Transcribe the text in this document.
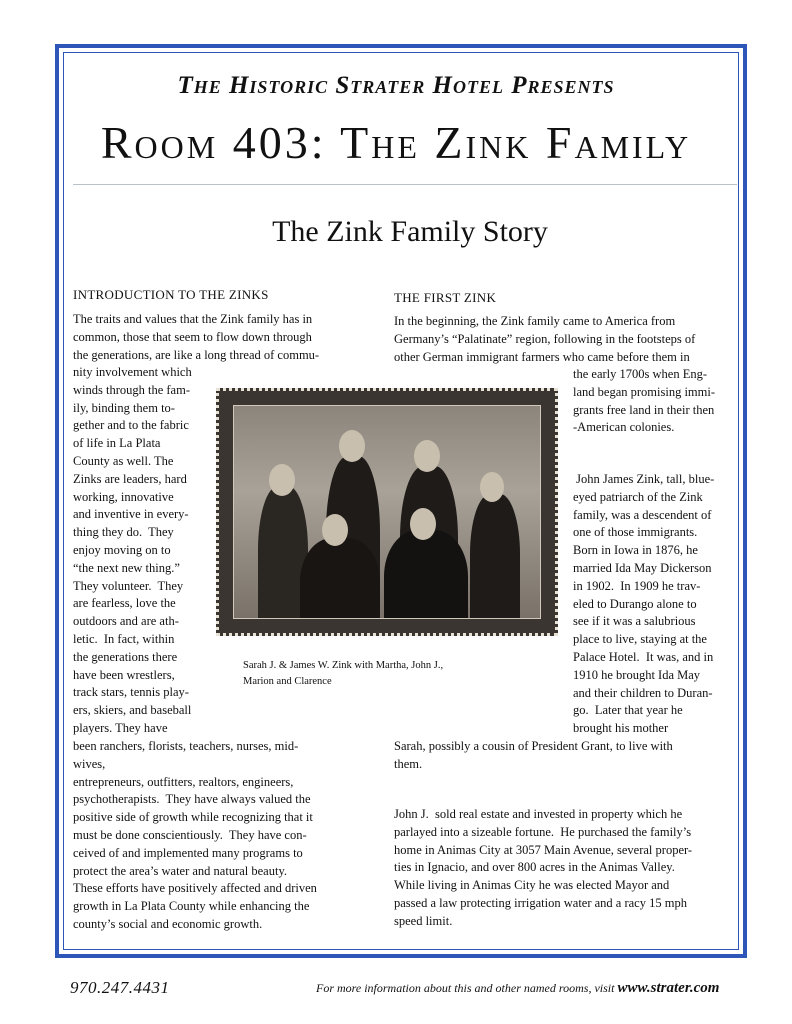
The Historic Strater Hotel Presents
Room 403: The Zink Family
The Zink Family Story
INTRODUCTION TO THE ZINKS
The traits and values that the Zink family has in
common, those that seem to flow down through
the generations, are like a long thread of commu-
nity involvement which
winds through the fam-
ily, binding them to-
gether and to the fabric
of life in La Plata
County as well. The
Zinks are leaders, hard
working, innovative
and inventive in every-
thing they do.  They
enjoy moving on to
“the next new thing.”
They volunteer.  They
are fearless, love the
outdoors and are ath-
letic.  In fact, within
the generations there
have been wrestlers,
track stars, tennis play-
ers, skiers, and baseball
players. They have
been ranchers, florists, teachers, nurses, mid-
wives,
entrepreneurs, outfitters, realtors, engineers,
psychotherapists.  They have always valued the
positive side of growth while recognizing that it
must be done conscientiously.  They have con-
ceived of and implemented many programs to
protect the area’s water and natural beauty.
These efforts have positively affected and driven
growth in La Plata County while enhancing the
county’s social and economic growth.
THE FIRST ZINK
In the beginning, the Zink family came to America from
Germany’s “Palatinate” region, following in the footsteps of
other German immigrant farmers who came before them in
the early 1700s when Eng-
land began promising immi-
grants free land in their then
-American colonies.
John James Zink, tall, blue-
eyed patriarch of the Zink
family, was a descendent of
one of those immigrants.
Born in Iowa in 1876, he
married Ida May Dickerson
in 1902.  In 1909 he trav-
eled to Durango alone to
see if it was a salubrious
place to live, staying at the
Palace Hotel.  It was, and in
1910 he brought Ida May
and their children to Duran-
go.  Later that year he
brought his mother
Sarah, possibly a cousin of President Grant, to live with
them.
John J.  sold real estate and invested in property which he
parlayed into a sizeable fortune.  He purchased the family’s
home in Animas City at 3057 Main Avenue, several proper-
ties in Ignacio, and over 800 acres in the Animas Valley.
While living in Animas City he was elected Mayor and
passed a law protecting irrigation water and a racy 15 mph
speed limit.
Sarah J. & James W. Zink with Martha, John J.,
Marion and Clarence
970.247.4431	For more information about this and other named rooms, visit www.strater.com
